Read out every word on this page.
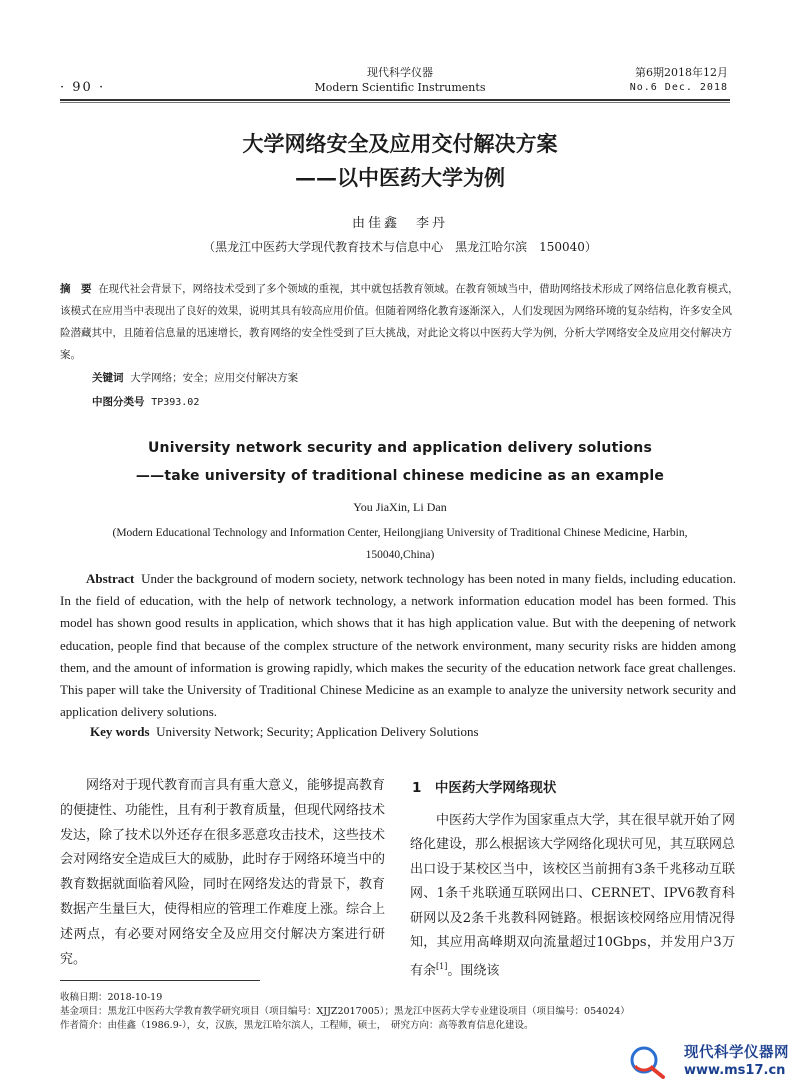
· 90 ·
现代科学仪器
Modern Scientific Instruments
第6期2018年12月
No.6 Dec. 2018
大学网络安全及应用交付解决方案
——以中医药大学为例
由佳鑫　李丹
（黑龙江中医药大学现代教育技术与信息中心　黑龙江哈尔滨　150040）
摘　要 在现代社会背景下，网络技术受到了多个领域的重视，其中就包括教育领域。在教育领域当中，借助网络技术形成了网络信息化教育模式，该模式在应用当中表现出了良好的效果，说明其具有较高应用价值。但随着网络化教育逐渐深入，人们发现因为网络环境的复杂结构，许多安全风险潜藏其中，且随着信息量的迅速增长，教育网络的安全性受到了巨大挑战，对此论文将以中医药大学为例，分析大学网络安全及应用交付解决方案。
关键词 大学网络；安全；应用交付解决方案
中图分类号 TP393.02
University network security and application delivery solutions
——take university of traditional chinese medicine as an example
You JiaXin, Li Dan
(Modern Educational Technology and Information Center, Heilongjiang University of Traditional Chinese Medicine, Harbin, 150040,China)
Abstract Under the background of modern society, network technology has been noted in many fields, including education. In the field of education, with the help of network technology, a network information education model has been formed. This model has shown good results in application, which shows that it has high application value. But with the deepening of network education, people find that because of the complex structure of the network environment, many security risks are hidden among them, and the amount of information is growing rapidly, which makes the security of the education network face great challenges. This paper will take the University of Traditional Chinese Medicine as an example to analyze the university network security and application delivery solutions.
Key words University Network; Security; Application Delivery Solutions
网络对于现代教育而言具有重大意义，能够提高教育的便捷性、功能性，且有利于教育质量，但现代网络技术发达，除了技术以外还存在很多恶意攻击技术，这些技术会对网络安全造成巨大的威胁，此时存于网络环境当中的教育数据就面临着风险，同时在网络发达的背景下，教育数据产生量巨大，使得相应的管理工作难度上涨。综合上述两点，有必要对网络安全及应用交付解决方案进行研究。
1　中医药大学网络现状
中医药大学作为国家重点大学，其在很早就开始了网络化建设，那么根据该大学网络化现状可见，其互联网总出口设于某校区当中，该校区当前拥有3条千兆移动互联网、1条千兆联通互联网出口、CERNET、IPV6教育科研网以及2条千兆教科网链路。根据该校网络应用情况得知，其应用高峰期双向流量超过10Gbps，并发用户3万有余[1]。围绕该
收稿日期：2018-10-19
基金项目：黑龙江中医药大学教育教学研究项目（项目编号：XJJZ2017005）；黑龙江中医药大学专业建设项目（项目编号：054024）
作者简介：由佳鑫（1986.9-），女，汉族，黑龙江哈尔滨人，工程师，硕士，　研究方向：高等教育信息化建设。
现代科学仪器网
www.ms17.cn
